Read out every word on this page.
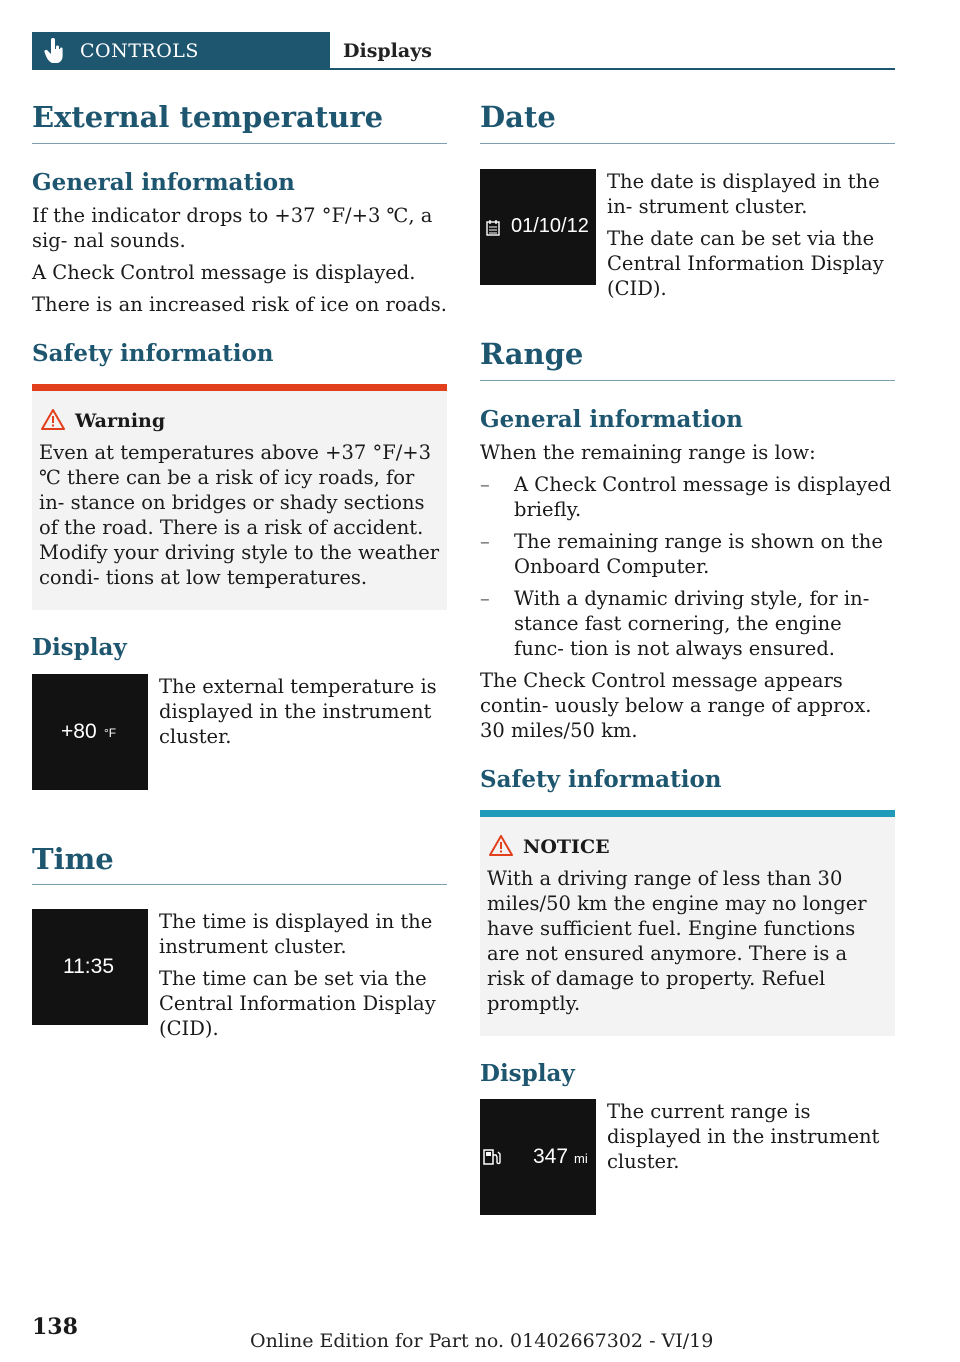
CONTROLS	Displays
External temperature
General information

If the indicator drops to +37 °F/+3 ℃, a sig‐ nal sounds.

A Check Control message is displayed.

There is an increased risk of ice on roads.

Safety information
Warning

Even at temperatures above +37 °F/+3 ℃ there can be a risk of icy roads, for in‐ stance on bridges or shady sections of the road. There is a risk of accident. Modify your driving style to the weather condi‐ tions at low temperatures.

Display
+80 °F

The external temperature is displayed in the instrument cluster.

Time
11:35

The time is displayed in the instrument cluster.

The time can be set via the Central Information Display (CID).

Date
01/10/12

The date is displayed in the in‐ strument cluster.

The date can be set via the Central Information Display (CID).

Range
General information

When the remaining range is low:

– A Check Control message is displayed briefly.
– The remaining range is shown on the Onboard Computer.
– With a dynamic driving style, for in‐ stance fast cornering, the engine func‐ tion is not always ensured.

The Check Control message appears contin‐ uously below a range of approx. 30 miles/50 km.

Safety information
NOTICE

With a driving range of less than 30 miles/50 km the engine may no longer have sufficient fuel. Engine functions are not ensured anymore. There is a risk of damage to property. Refuel promptly.

Display
347 mi

The current range is displayed in the instrument cluster.

138
Online Edition for Part no. 01402667302 - VI/19
